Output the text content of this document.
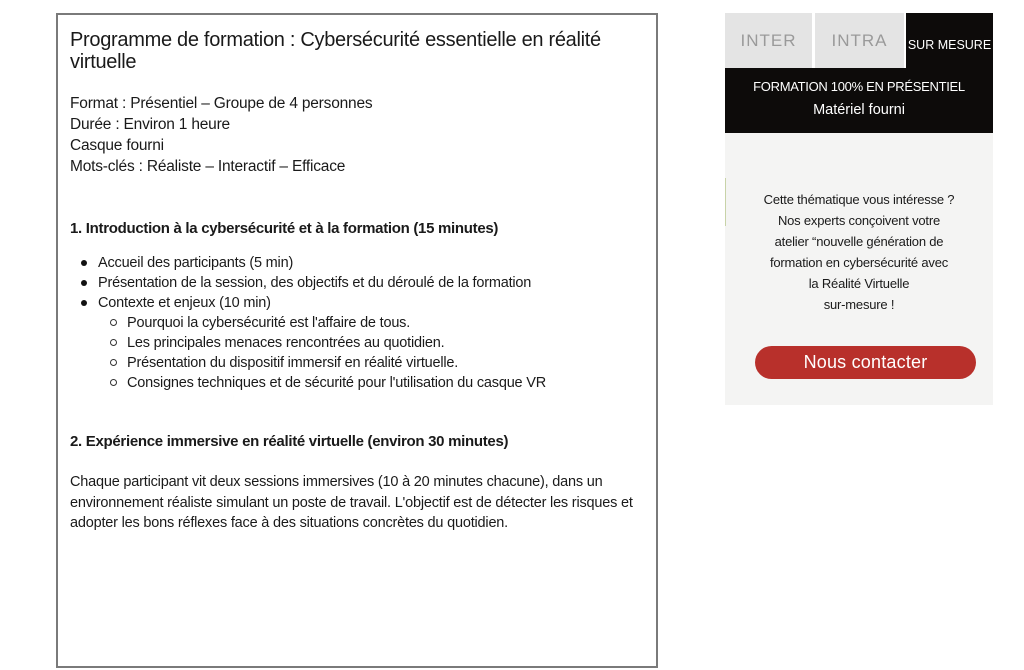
Programme de formation : Cybersécurité essentielle en réalité virtuelle
Format : Présentiel – Groupe de 4 personnes
Durée : Environ 1 heure
Casque fourni
Mots-clés : Réaliste – Interactif – Efficace
1. Introduction à la cybersécurité et à la formation (15 minutes)
Accueil des participants (5 min)
Présentation de la session, des objectifs et du déroulé de la formation
Contexte et enjeux (10 min)
Pourquoi la cybersécurité est l'affaire de tous.
Les principales menaces rencontrées au quotidien.
Présentation du dispositif immersif en réalité virtuelle.
Consignes techniques et de sécurité pour l'utilisation du casque VR
2. Expérience immersive en réalité virtuelle (environ 30 minutes)

Chaque participant vit deux sessions immersives (10 à 20 minutes chacune), dans un environnement réaliste simulant un poste de travail. L'objectif est de détecter les risques et adopter les bons réflexes face à des situations concrètes du quotidien.

INTER	INTRA	SUR MESURE
FORMATION 100% EN PRÉSENTIEL
Matériel fourni
Cette thématique vous intéresse ?
Nos experts conçoivent votre
atelier “nouvelle génération de
formation en cybersécurité avec
la Réalité Virtuelle
sur-mesure !
Nous contacter
